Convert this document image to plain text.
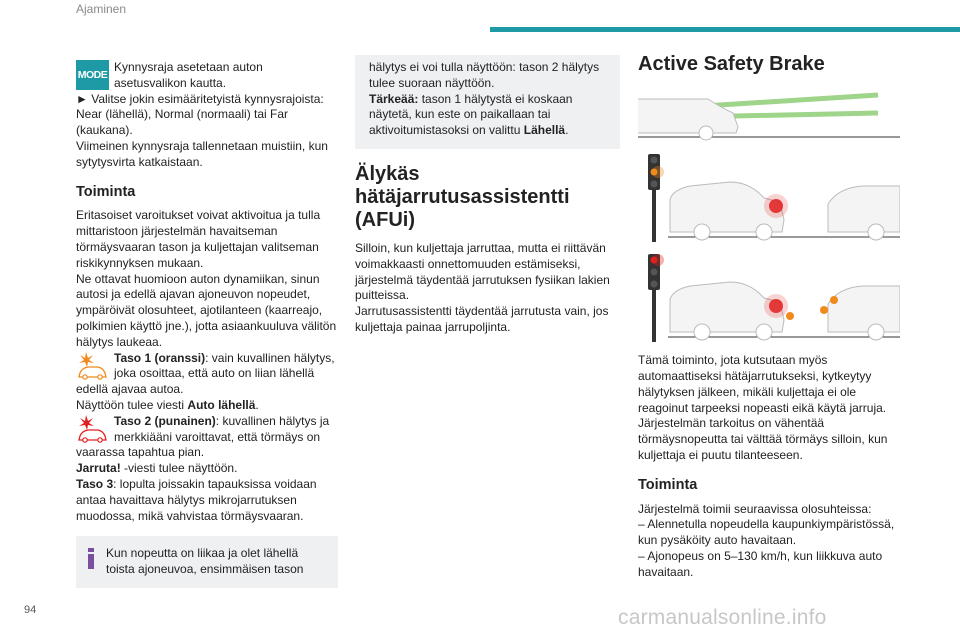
Ajaminen
MODE

Kynnysraja asetetaan auton asetusvalikon kautta.

► Valitse jokin esimääritetyistä kynnysrajoista: Near (lähellä), Normal (normaali) tai Far (kaukana).

Viimeinen kynnysraja tallennetaan muistiin, kun sytytysvirta katkaistaan.

Toiminta

Eritasoiset varoitukset voivat aktivoitua ja tulla mittaristoon järjestelmän havaitseman törmäysvaaran tason ja kuljettajan valitseman riskikynnyksen mukaan.

Ne ottavat huomioon auton dynamiikan, sinun autosi ja edellä ajavan ajoneuvon nopeudet, ympäröivät olosuhteet, ajotilanteen (kaarreajo, polkimien käyttö jne.), jotta asiaankuuluva välitön hälytys laukeaa.

Taso 1 (oranssi): vain kuvallinen hälytys, joka osoittaa, että auto on liian lähellä edellä ajavaa autoa.

Näyttöön tulee viesti Auto lähellä.

Taso 2 (punainen): kuvallinen hälytys ja merkkiääni varoittavat, että törmäys on vaarassa tapahtua pian.

Jarruta! -viesti tulee näyttöön.

Taso 3: lopulta joissakin tapauksissa voidaan antaa havaittava hälytys mikrojarrutuksen muodossa, mikä vahvistaa törmäysvaaran.

Kun nopeutta on liikaa ja olet lähellä toista ajoneuvoa, ensimmäisen tason

hälytys ei voi tulla näyttöön: tason 2 hälytys tulee suoraan näyttöön.

Tärkeää: tason 1 hälytystä ei koskaan näytetä, kun este on paikallaan tai aktivoitumistasoksi on valittu Lähellä.

Älykäs hätäjarrutusassistentti (AFUi)

Silloin, kun kuljettaja jarruttaa, mutta ei riittävän voimakkaasti onnettomuuden estämiseksi, järjestelmä täydentää jarrutuksen fysiikan lakien puitteissa.

Jarrutusassistentti täydentää jarrutusta vain, jos kuljettaja painaa jarrupoljinta.

Active Safety Brake

Tämä toiminto, jota kutsutaan myös automaattiseksi hätäjarrutukseksi, kytkeytyy hälytyksen jälkeen, mikäli kuljettaja ei ole reagoinut tarpeeksi nopeasti eikä käytä jarruja.

Järjestelmän tarkoitus on vähentää törmäysnopeutta tai välttää törmäys silloin, kun kuljettaja ei puutu tilanteeseen.

Toiminta

Järjestelmä toimii seuraavissa olosuhteissa:

– Alennetulla nopeudella kaupunkiympäristössä, kun pysäköity auto havaitaan.

– Ajonopeus on 5–130 km/h, kun liikkuva auto havaitaan.

94	carmanualsonline.info
